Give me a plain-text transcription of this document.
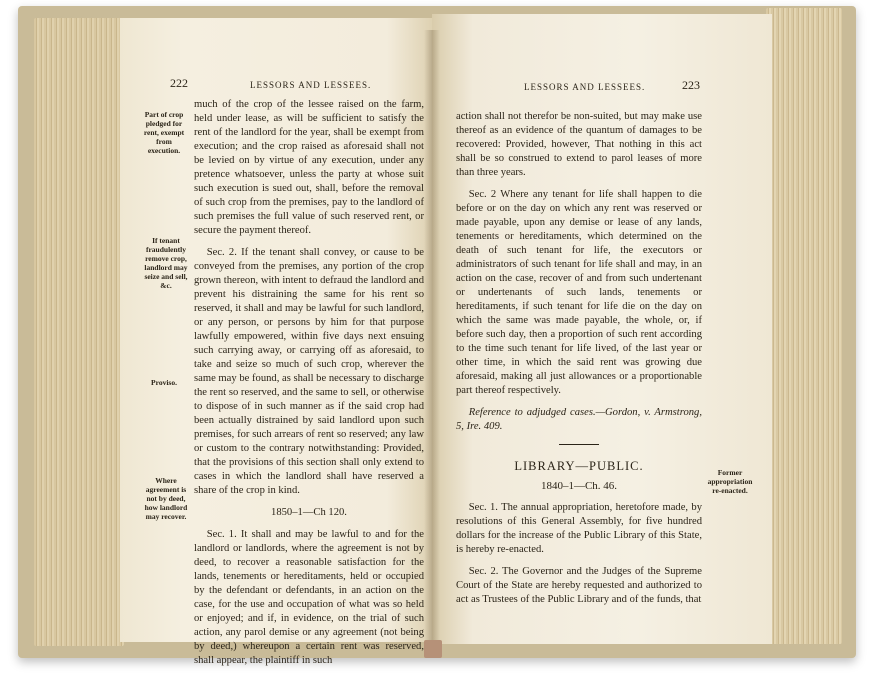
222	LESSORS AND LESSEES.
Part of crop pledged for rent, exempt from execution.
If tenant fraudulently remove crop, landlord may seize and sell, &c.
Proviso.
Where agreement is not by deed, how landlord may recover.

much of the crop of the lessee raised on the farm, held under lease, as will be sufficient to satisfy the rent of the landlord for the year, shall be exempt from execution; and the crop raised as aforesaid shall not be levied on by virtue of any execution, under any pretence whatsoever, unless the party at whose suit such execution is sued out, shall, before the removal of such crop from the premises, pay to the landlord of such premises the full value of such reserved rent, or secure the payment thereof.

Sec. 2. If the tenant shall convey, or cause to be conveyed from the premises, any portion of the crop grown thereon, with intent to defraud the landlord and prevent his distraining the same for his rent so reserved, it shall and may be lawful for such landlord, or any person, or persons by him for that purpose lawfully empowered, within five days next ensuing such carrying away, or carrying off as aforesaid, to take and seize so much of such crop, wherever the same may be found, as shall be necessary to discharge the rent so reserved, and the same to sell, or otherwise to dispose of in such manner as if the said crop had been actually distrained by said landlord upon such premises, for such arrears of rent so reserved; any law or custom to the contrary notwithstanding: Provided, that the provisions of this section shall only extend to cases in which the landlord shall have reserved a share of the crop in kind.

1850–1—Ch 120.

Sec. 1. It shall and may be lawful to and for the landlord or landlords, where the agreement is not by deed, to recover a reasonable satisfaction for the lands, tenements or hereditaments, held or occupied by the defendant or defendants, in an action on the case, for the use and occupation of what was so held or enjoyed; and if, in evidence, on the trial of such action, any parol demise or any agreement (not being by deed,) whereupon a certain rent was reserved, shall appear, the plaintiff in such

LESSORS AND LESSEES.	223
Former appropriation re-enacted.

action shall not therefor be non-suited, but may make use thereof as an evidence of the quantum of damages to be recovered: Provided, however, That nothing in this act shall be so construed to extend to parol leases of more than three years.

Sec. 2 Where any tenant for life shall happen to die before or on the day on which any rent was reserved or made payable, upon any demise or lease of any lands, tenements or hereditaments, which determined on the death of such tenant for life, the executors or administrators of such tenant for life shall and may, in an action on the case, recover of and from such undertenant or undertenants of such lands, tenements or hereditaments, if such tenant for life die on the day on which the same was made payable, the whole, or, if before such day, then a proportion of such rent according to the time such tenant for life lived, of the last year or other time, in which the said rent was growing due aforesaid, making all just allowances or a proportionable part thereof respectively.

Reference to adjudged cases.—Gordon, v. Armstrong, 5, Ire. 409.

LIBRARY—PUBLIC.
1840–1—Ch. 46.

Sec. 1. The annual appropriation, heretofore made, by resolutions of this General Assembly, for five hundred dollars for the increase of the Public Library of this State, is hereby re-enacted.

Sec. 2. The Governor and the Judges of the Supreme Court of the State are hereby requested and authorized to act as Trustees of the Public Library and of the funds, that
